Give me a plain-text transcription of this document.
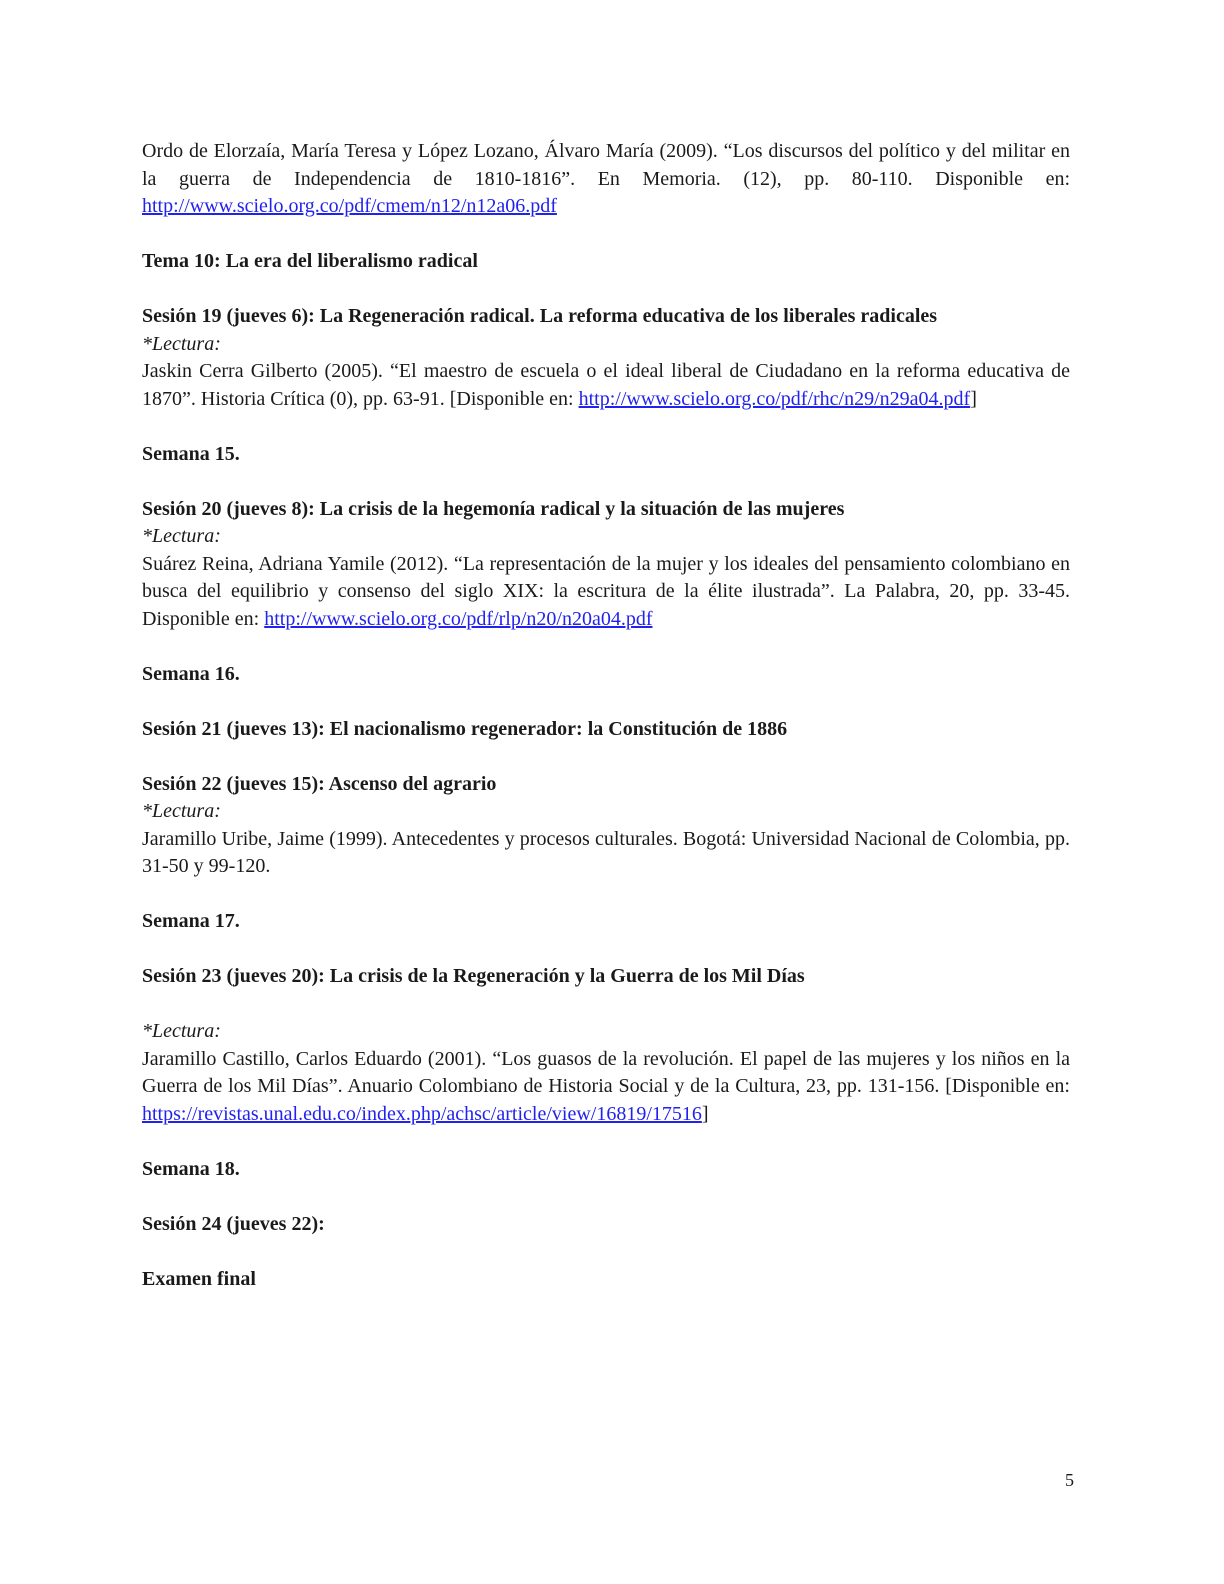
Ordo de Elorzaía, María Teresa y López Lozano, Álvaro María (2009). “Los discursos del político y del militar en la guerra de Independencia de 1810-1816”. En Memoria. (12), pp. 80-110. Disponible en: http://www.scielo.org.co/pdf/cmem/n12/n12a06.pdf

Tema 10: La era del liberalismo radical

Sesión 19 (jueves 6): La Regeneración radical. La reforma educativa de los liberales radicales

*Lectura:

Jaskin Cerra Gilberto (2005). “El maestro de escuela o el ideal liberal de Ciudadano en la reforma educativa de 1870”. Historia Crítica (0), pp. 63-91. [Disponible en: http://www.scielo.org.co/pdf/rhc/n29/n29a04.pdf]

Semana 15.

Sesión 20 (jueves 8): La crisis de la hegemonía radical y la situación de las mujeres

*Lectura:

Suárez Reina, Adriana Yamile (2012). “La representación de la mujer y los ideales del pensamiento colombiano en busca del equilibrio y consenso del siglo XIX: la escritura de la élite ilustrada”. La Palabra, 20, pp. 33-45. Disponible en: http://www.scielo.org.co/pdf/rlp/n20/n20a04.pdf

Semana 16.

Sesión 21 (jueves 13): El nacionalismo regenerador: la Constitución de 1886

Sesión 22 (jueves 15): Ascenso del agrario

*Lectura:

Jaramillo Uribe, Jaime (1999). Antecedentes y procesos culturales. Bogotá: Universidad Nacional de Colombia, pp. 31-50 y 99-120.

Semana 17.

Sesión 23 (jueves 20): La crisis de la Regeneración y la Guerra de los Mil Días

*Lectura:

Jaramillo Castillo, Carlos Eduardo (2001). “Los guasos de la revolución. El papel de las mujeres y los niños en la Guerra de los Mil Días”. Anuario Colombiano de Historia Social y de la Cultura, 23, pp. 131-156. [Disponible en: https://revistas.unal.edu.co/index.php/achsc/article/view/16819/17516]

Semana 18.

Sesión 24 (jueves 22):

Examen final

5
